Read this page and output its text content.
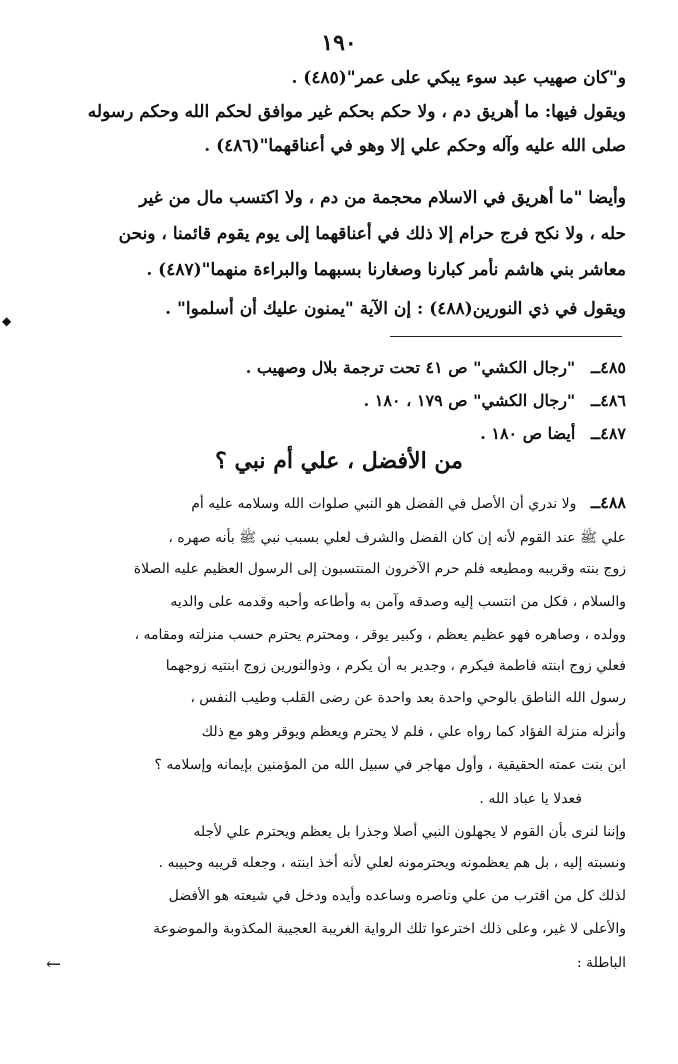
١٩٠
و"كان صهيب عبد سوء يبكي على عمر"(٤٨٥) .
ويقول فيها: ما أهريق دم ، ولا حكم بحكم غير موافق لحكم الله وحكم رسوله
صلى الله عليه وآله وحكم علي إلا وهو في أعناقهما"(٤٨٦) .
وأيضا "ما أهريق في الاسلام محجمة من دم ، ولا اكتسب مال من غير
حله ، ولا نكح فرج حرام إلا ذلك في أعناقهما إلى يوم يقوم قائمنا ، ونحن
معاشر بني هاشم نأمر كبارنا وصغارنا بسبهما والبراءة منهما"(٤٨٧) .
ويقول في ذي النورين(٤٨٨) : إن الآية "يمنون عليك أن أسلموا" .
◆
٤٨٥ــ "رجال الكشي" ص ٤١ تحت ترجمة بلال وصهيب .
٤٨٦ــ "رجال الكشي" ص ١٧٩ ، ١٨٠ .
٤٨٧ــ أيضا ص ١٨٠ .
من الأفضل ، علي أم نبي ؟
٤٨٨ــ ولا ندري أن الأصل في الفضل هو النبي صلوات الله وسلامه عليه أم
علي ﷺ عند القوم لأنه إن كان الفضل والشرف لعلي بسبب نبي ﷺ بأنه صهره ،
زوج بنته وقريبه ومطيعه فلم حرم الآخرون المنتسبون إلى الرسول العظيم عليه الصلاة
والسلام ، فكل من انتسب إليه وصدقه وآمن به وأطاعه وأحبه وقدمه على والديه
وولده ، وصاهره فهو عظيم يعظم ، وكبير يوقر ، ومحترم يحترم حسب منزلته ومقامه ،
فعلي زوج ابنته فاطمة فيكرم ، وجدير به أن يكرم ، وذوالنورين زوج ابنتيه زوجهما
رسول الله الناطق بالوحي واحدة بعد واحدة عن رضى القلب وطيب النفس ،
وأنزله منزلة الفؤاد كما رواه علي ، فلم لا يحترم ويعظم ويوقر وهو مع ذلك
ابن بنت عمته الحقيقية ، وأول مهاجر في سبيل الله من المؤمنين بإيمانه وإسلامه ؟
فعدلا يا عباد الله .
وإننا لنرى بأن القوم لا يجهلون النبي أصلا وجذرا بل يعظم ويحترم علي لأجله
ونسبته إليه ، بل هم يعظمونه ويحترمونه لعلي لأنه أخذ ابنته ، وجعله قريبه وحبيبه .
لذلك كل من اقترب من علي وناصره وساعده وأيده ودخل في شيعته هو الأفضل
والأعلى لا غير، وعلى ذلك اخترعوا تلك الرواية الغريبة العجيبة المكذوبة والموضوعة
الباطلة :
←
